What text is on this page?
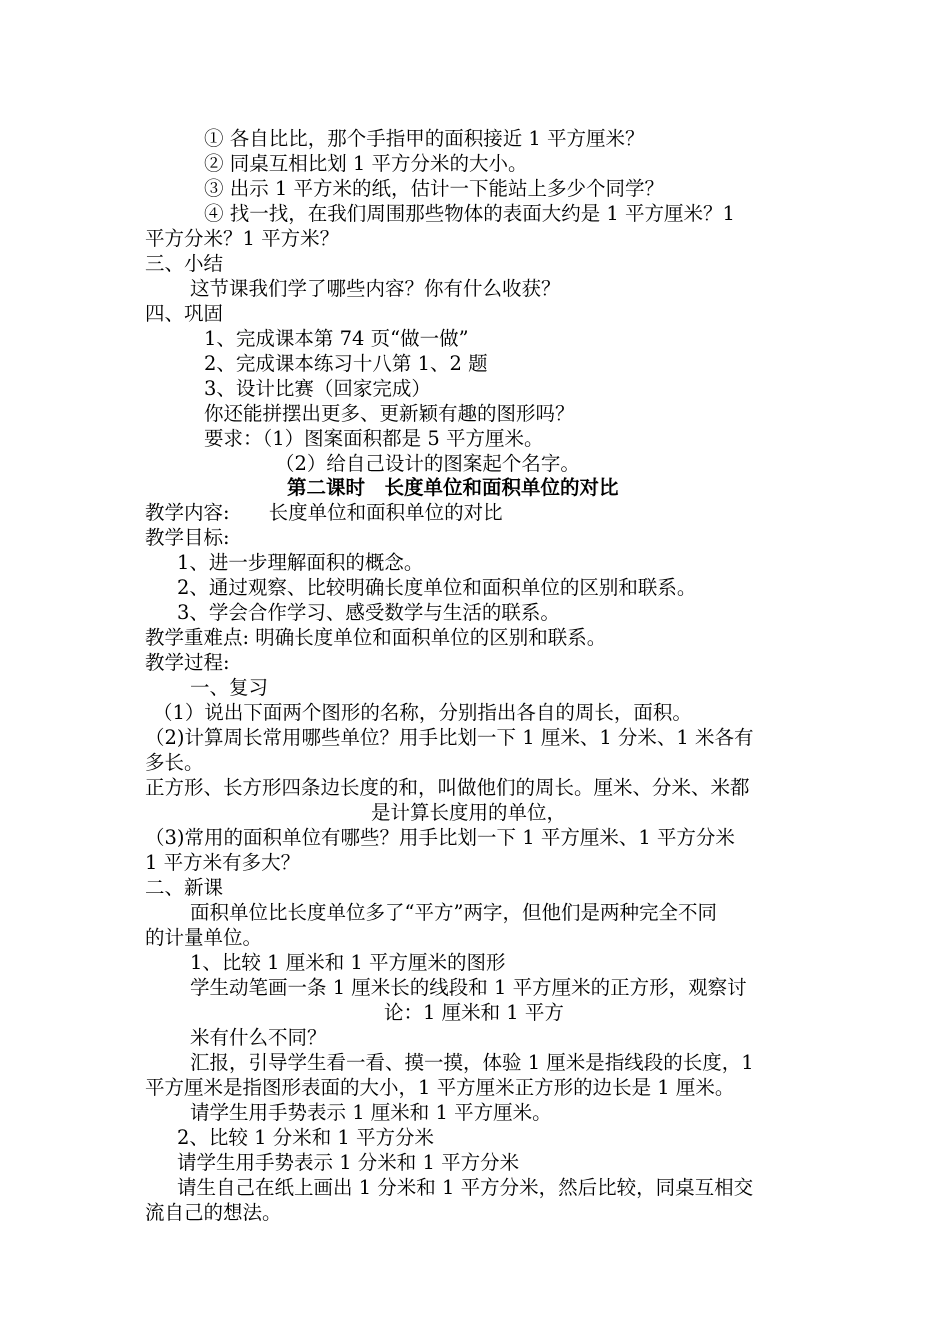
① 各自比比，那个手指甲的面积接近 1 平方厘米？
② 同桌互相比划 1 平方分米的大小。
③ 出示 1 平方米的纸，估计一下能站上多少个同学？
④ 找一找，在我们周围那些物体的表面大约是 1 平方厘米？1
平方分米？1 平方米？
三、小结
这节课我们学了哪些内容？你有什么收获？
四、巩固
1、完成课本第 74 页“做一做”
2、完成课本练习十八第 1、2 题
3、设计比赛（回家完成）
你还能拼摆出更多、更新颖有趣的图形吗？
要求：（1）图案面积都是 5 平方厘米。
（2）给自己设计的图案起个名字。
第二课时　长度单位和面积单位的对比
教学内容:　　长度单位和面积单位的对比
教学目标:
1、进一步理解面积的概念。
2、通过观察、比较明确长度单位和面积单位的区别和联系。
3、学会合作学习、感受数学与生活的联系。
教学重难点: 明确长度单位和面积单位的区别和联系。
教学过程:
一、复习
（1）说出下面两个图形的名称，分别指出各自的周长，面积。
（2)计算周长常用哪些单位？用手比划一下 1 厘米、1 分米、1 米各有
多长。
正方形、长方形四条边长度的和，叫做他们的周长。厘米、分米、米都
是计算长度用的单位，
（3)常用的面积单位有哪些？用手比划一下 1 平方厘米、1 平方分米
1 平方米有多大？
二、新课
面积单位比长度单位多了“平方”两字，但他们是两种完全不同
的计量单位。
1、比较 1 厘米和 1 平方厘米的图形
学生动笔画一条 1 厘米长的线段和 1 平方厘米的正方形，观察讨
论：1 厘米和 1 平方
米有什么不同？
汇报，引导学生看一看、摸一摸，体验 1 厘米是指线段的长度，1
平方厘米是指图形表面的大小，1 平方厘米正方形的边长是 1 厘米。
请学生用手势表示 1 厘米和 1 平方厘米。
2、比较 1 分米和 1 平方分米
请学生用手势表示 1 分米和 1 平方分米
请生自己在纸上画出 1 分米和 1 平方分米，然后比较，同桌互相交
流自己的想法。
